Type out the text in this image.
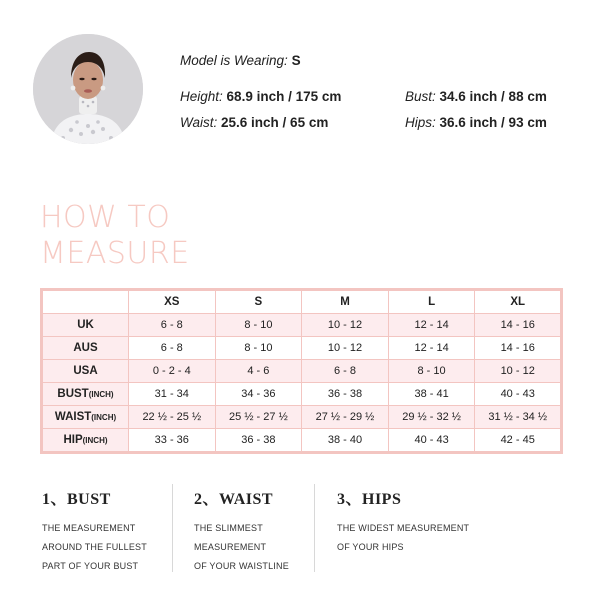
Model is Wearing: S
Height: 68.9 inch / 175 cm	Bust: 34.6 inch / 88 cm
Waist: 25.6 inch / 65 cm	Hips: 36.6 inch / 93 cm
HOW TO
MEASURE
	XS	S	M	L	XL
UK	6 - 8	8 - 10	10 - 12	12 - 14	14 - 16
AUS	6 - 8	8 - 10	10 - 12	12 - 14	14 - 16
USA	0 - 2 - 4	4 - 6	6 - 8	8 - 10	10 - 12
BUST(INCH)	31 - 34	34 - 36	36 - 38	38 - 41	40 - 43
WAIST(INCH)	22 ½ - 25 ½	25 ½ - 27 ½	27 ½ - 29 ½	29 ½ - 32 ½	31 ½ - 34 ½
HIP(INCH)	33 - 36	36 - 38	38 - 40	40 - 43	42 - 45
1、BUST

THE MEASUREMENT

AROUND THE FULLEST

PART OF YOUR BUST

2、WAIST

THE SLIMMEST

MEASUREMENT

OF YOUR WAISTLINE

3、HIPS

THE WIDEST MEASUREMENT

OF YOUR HIPS
